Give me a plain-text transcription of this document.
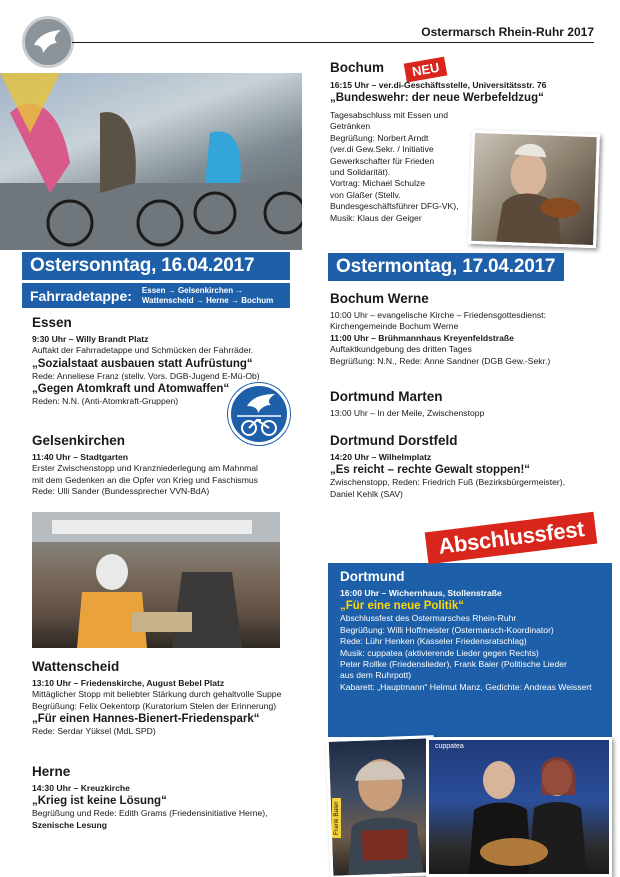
Ostermarsch Rhein-Ruhr 2017
NEU
Ostersonntag, 16.04.2017
Fahrradetappe: Essen → Gelsenkirchen →
Wattenscheid → Herne → Bochum
Ostermontag, 17.04.2017
Essen
9:30 Uhr – Willy Brandt Platz
Auftakt der Fahrradetappe und Schmücken der Fahrräder.
„Sozialstaat ausbauen statt Aufrüstung“
Rede: Anneliese Franz (stellv. Vors. DGB-Jugend E-Mü-Ob)
„Gegen Atomkraft und Atomwaffen“
Reden: N.N. (Anti-Atomkraft-Gruppen)
Gelsenkirchen
11:40 Uhr – Stadtgarten
Erster Zwischenstopp und Kranzniederlegung am Mahnmal
mit dem Gedenken an die Opfer von Krieg und Faschismus
Rede: Ulli Sander (Bundessprecher VVN-BdA)
Wattenscheid
13:10 Uhr – Friedenskirche, August Bebel Platz
Mittäglicher Stopp mit beliebter Stärkung durch gehaltvolle Suppe
Begrüßung: Felix Oekentorp (Kuratorium Stelen der Erinnerung)
„Für einen Hannes-Bienert-Friedenspark“
Rede: Serdar Yüksel (MdL SPD)
Herne
14:30 Uhr – Kreuzkirche
„Krieg ist keine Lösung“
Begrüßung und Rede: Edith Grams (Friedensinitiative Herne),
Szenische Lesung
Bochum
16:15 Uhr – ver.di-Geschäftsstelle, Universitätsstr. 76
„Bundeswehr: der neue Werbefeldzug“
Tagesabschluss mit Essen und Getränken
Begrüßung: Norbert Arndt
(ver.di Gew.Sekr. / Initiative
Gewerkschafter für Frieden
und Solidarität).
Vortrag: Michael Schulze
von Glaßer (Stellv.
Bundesgeschäftsführer DFG-VK),
Musik: Klaus der Geiger
Bochum Werne
10:00 Uhr – evangelische Kirche – Friedensgottesdienst:
Kirchengemeinde Bochum Werne
11:00 Uhr – Brühmannhaus Kreyenfeldstraße
Auftaktkundgebung des dritten Tages
Begrüßung: N.N., Rede: Anne Sandner (DGB Gew.-Sekr.)
Dortmund Marten
13:00 Uhr – In der Meile, Zwischenstopp
Dortmund Dorstfeld
14:20 Uhr – Wilhelmplatz
„Es reicht – rechte Gewalt stoppen!“
Zwischenstopp, Reden: Friedrich Fuß (Bezirksbürgermeister),
Daniel Kehlk (SAV)
Abschlussfest
Dortmund
16:00 Uhr – Wichernhaus, Stollenstraße
„Für eine neue Politik“
Abschlussfest des Ostermarsches Rhein-Ruhr
Begrüßung: Willi Hoffmeister (Ostermarsch-Koordinator)
Rede: Lühr Henken (Kasseler Friedensratschlag)
Musik: cuppatea (aktivierende Lieder gegen Rechts)
Peter Rollke (Friedenslieder), Frank Baier (Politische Lieder
aus dem Ruhrpott)
Kabarett: „Hauptmann“ Helmut Manz, Gedichte: Andreas Weissert
Frank Baier
cuppatea
